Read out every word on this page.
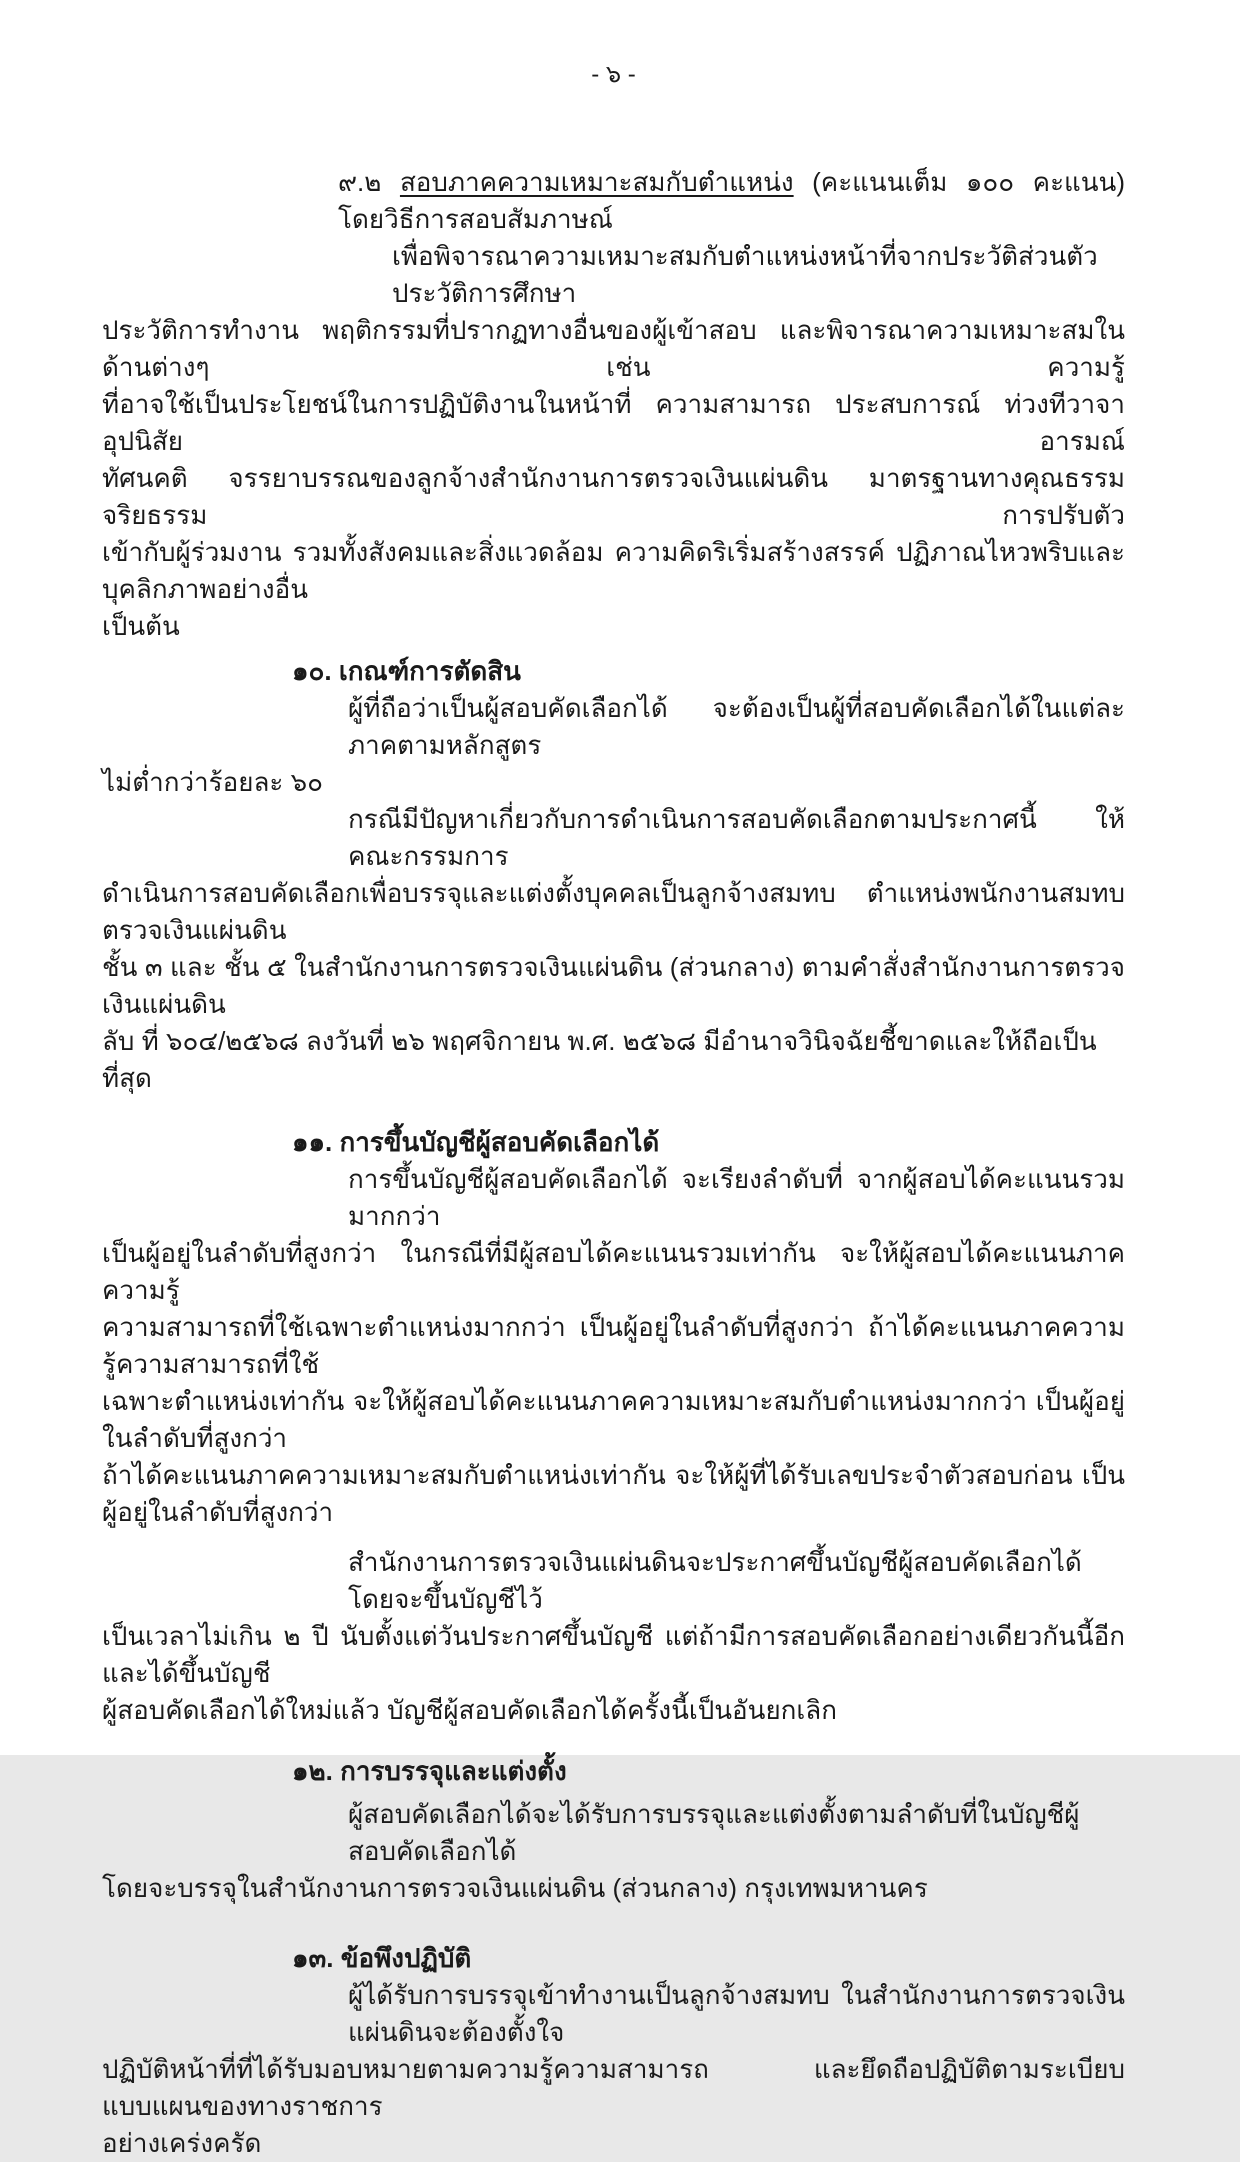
- ๖ -
๙.๒ สอบภาคความเหมาะสมกับตำแหน่ง (คะแนนเต็ม ๑๐๐ คะแนน) โดยวิธีการสอบสัมภาษณ์
เพื่อพิจารณาความเหมาะสมกับตำแหน่งหน้าที่จากประวัติส่วนตัว ประวัติการศึกษา
ประวัติการทำงาน พฤติกรรมที่ปรากฏทางอื่นของผู้เข้าสอบ และพิจารณาความเหมาะสมในด้านต่างๆ เช่น ความรู้
ที่อาจใช้เป็นประโยชน์ในการปฏิบัติงานในหน้าที่ ความสามารถ ประสบการณ์ ท่วงทีวาจา อุปนิสัย อารมณ์
ทัศนคติ จรรยาบรรณของลูกจ้างสำนักงานการตรวจเงินแผ่นดิน มาตรฐานทางคุณธรรมจริยธรรม การปรับตัว
เข้ากับผู้ร่วมงาน รวมทั้งสังคมและสิ่งแวดล้อม ความคิดริเริ่มสร้างสรรค์ ปฏิภาณไหวพริบและบุคลิกภาพอย่างอื่น
เป็นต้น
๑๐. เกณฑ์การตัดสิน
ผู้ที่ถือว่าเป็นผู้สอบคัดเลือกได้ จะต้องเป็นผู้ที่สอบคัดเลือกได้ในแต่ละภาคตามหลักสูตร
ไม่ต่ำกว่าร้อยละ ๖๐
กรณีมีปัญหาเกี่ยวกับการดำเนินการสอบคัดเลือกตามประกาศนี้ ให้คณะกรรมการ
ดำเนินการสอบคัดเลือกเพื่อบรรจุและแต่งตั้งบุคคลเป็นลูกจ้างสมทบ ตำแหน่งพนักงานสมทบตรวจเงินแผ่นดิน
ชั้น ๓ และ ชั้น ๕ ในสำนักงานการตรวจเงินแผ่นดิน (ส่วนกลาง) ตามคำสั่งสำนักงานการตรวจเงินแผ่นดิน
ลับ ที่ ๖๐๔/๒๕๖๘ ลงวันที่ ๒๖ พฤศจิกายน พ.ศ. ๒๕๖๘ มีอำนาจวินิจฉัยชี้ขาดและให้ถือเป็นที่สุด
๑๑. การขึ้นบัญชีผู้สอบคัดเลือกได้
การขึ้นบัญชีผู้สอบคัดเลือกได้ จะเรียงลำดับที่ จากผู้สอบได้คะแนนรวมมากกว่า
เป็นผู้อยู่ในลำดับที่สูงกว่า ในกรณีที่มีผู้สอบได้คะแนนรวมเท่ากัน จะให้ผู้สอบได้คะแนนภาคความรู้
ความสามารถที่ใช้เฉพาะตำแหน่งมากกว่า เป็นผู้อยู่ในลำดับที่สูงกว่า ถ้าได้คะแนนภาคความรู้ความสามารถที่ใช้
เฉพาะตำแหน่งเท่ากัน จะให้ผู้สอบได้คะแนนภาคความเหมาะสมกับตำแหน่งมากกว่า เป็นผู้อยู่ในลำดับที่สูงกว่า
ถ้าได้คะแนนภาคความเหมาะสมกับตำแหน่งเท่ากัน จะให้ผู้ที่ได้รับเลขประจำตัวสอบก่อน เป็นผู้อยู่ในลำดับที่สูงกว่า
สำนักงานการตรวจเงินแผ่นดินจะประกาศขึ้นบัญชีผู้สอบคัดเลือกได้ โดยจะขึ้นบัญชีไว้
เป็นเวลาไม่เกิน ๒ ปี นับตั้งแต่วันประกาศขึ้นบัญชี แต่ถ้ามีการสอบคัดเลือกอย่างเดียวกันนี้อีก และได้ขึ้นบัญชี
ผู้สอบคัดเลือกได้ใหม่แล้ว บัญชีผู้สอบคัดเลือกได้ครั้งนี้เป็นอันยกเลิก
๑๒. การบรรจุและแต่งตั้ง
ผู้สอบคัดเลือกได้จะได้รับการบรรจุและแต่งตั้งตามลำดับที่ในบัญชีผู้สอบคัดเลือกได้
โดยจะบรรจุในสำนักงานการตรวจเงินแผ่นดิน (ส่วนกลาง) กรุงเทพมหานคร
๑๓. ข้อพึงปฏิบัติ
ผู้ได้รับการบรรจุเข้าทำงานเป็นลูกจ้างสมทบ ในสำนักงานการตรวจเงินแผ่นดินจะต้องตั้งใจ
ปฏิบัติหน้าที่ที่ได้รับมอบหมายตามความรู้ความสามารถ และยึดถือปฏิบัติตามระเบียบแบบแผนของทางราชการ
อย่างเคร่งครัด
